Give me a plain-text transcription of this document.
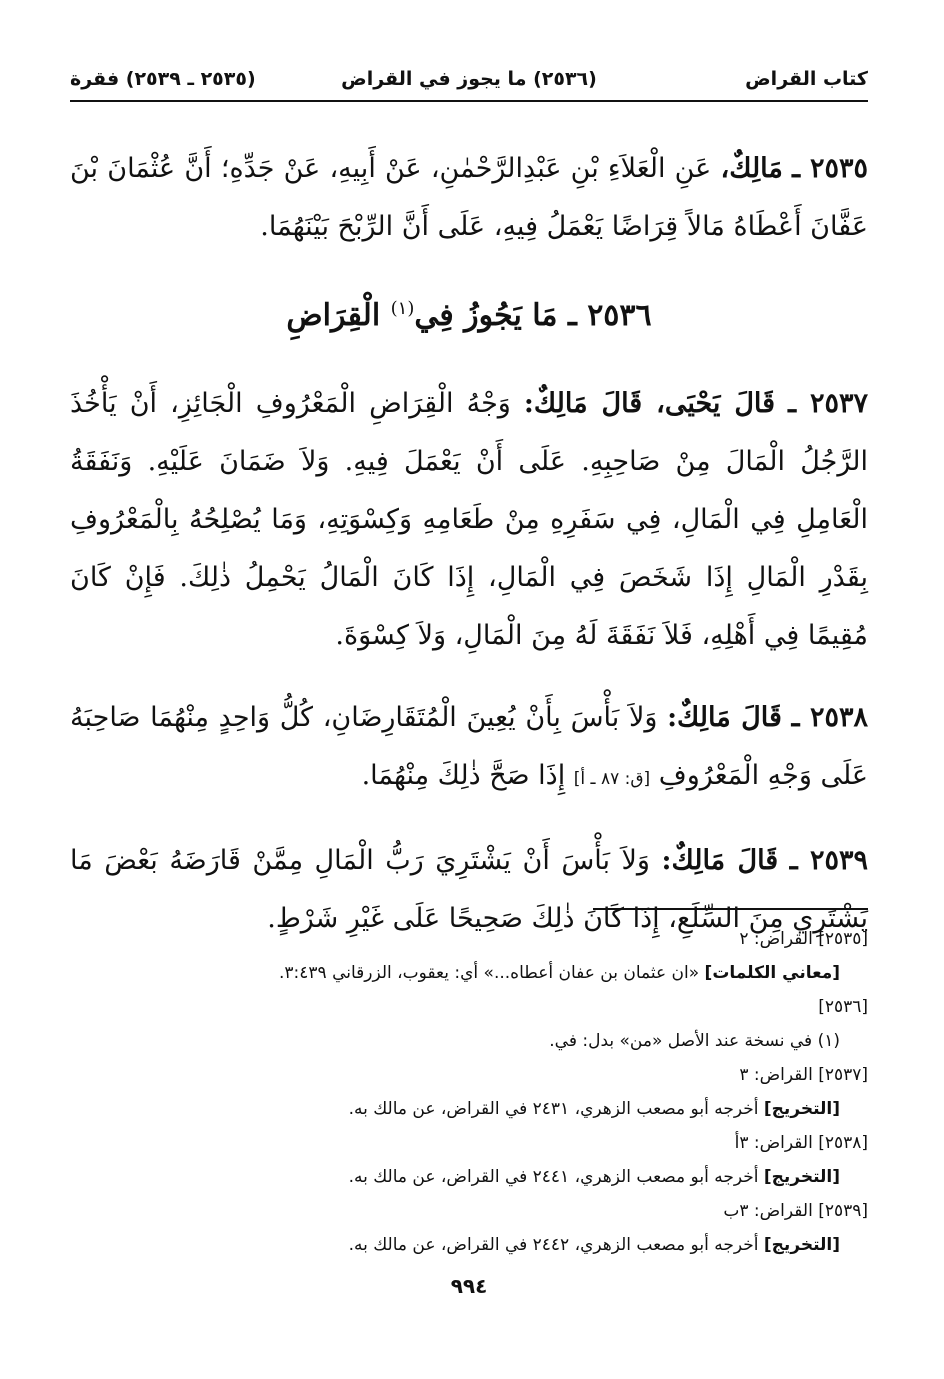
كتاب القراض
(٢٥٣٦) ما يجوز في القراض
(٢٥٣٥ ـ ٢٥٣٩) فقرة

٢٥٣٥ ـ مَالِكٌ، عَنِ الْعَلاَءِ بْنِ عَبْدِالرَّحْمٰنِ، عَنْ أَبِيهِ، عَنْ جَدِّهِ؛ أَنَّ عُثْمَانَ بْنَ عَفَّانَ أَعْطَاهُ مَالاً قِرَاضًا يَعْمَلُ فِيهِ، عَلَى أَنَّ الرِّبْحَ بَيْنَهُمَا.

٢٥٣٦ ـ مَا يَجُوزُ فِي$^{(١)}$ الْقِرَاضِ

٢٥٣٧ ـ قَالَ يَحْيَى، قَالَ مَالِكٌ: وَجْهُ الْقِرَاضِ الْمَعْرُوفِ الْجَائِزِ، أَنْ يَأْخُذَ الرَّجُلُ الْمَالَ مِنْ صَاحِبِهِ. عَلَى أَنْ يَعْمَلَ فِيهِ. وَلاَ ضَمَانَ عَلَيْهِ. وَنَفَقَةُ الْعَامِلِ فِي الْمَالِ، فِي سَفَرِهِ مِنْ طَعَامِهِ وَكِسْوَتِهِ، وَمَا يُصْلِحُهُ بِالْمَعْرُوفِ بِقَدْرِ الْمَالِ إِذَا شَخَصَ فِي الْمَالِ، إِذَا كَانَ الْمَالُ يَحْمِلُ ذٰلِكَ. فَإِنْ كَانَ مُقِيمًا فِي أَهْلِهِ، فَلاَ نَفَقَةَ لَهُ مِنَ الْمَالِ، وَلاَ كِسْوَةَ.

٢٥٣٨ ـ قَالَ مَالِكٌ: وَلاَ بَأْسَ بِأَنْ يُعِينَ الْمُتَقَارِضَانِ، كُلُّ وَاحِدٍ مِنْهُمَا صَاحِبَهُ عَلَى وَجْهِ الْمَعْرُوفِ [ق: ٨٧ ـ أ] إِذَا صَحَّ ذٰلِكَ مِنْهُمَا.

٢٥٣٩ ـ قَالَ مَالِكٌ: وَلاَ بَأْسَ أَنْ يَشْتَرِيَ رَبُّ الْمَالِ مِمَّنْ قَارَضَهُ بَعْضَ مَا يَشْتَرِي مِنَ السِّلَعِ، إِذَا كَانَ ذٰلِكَ صَحِيحًا عَلَى غَيْرِ شَرْطٍ.

[٢٥٣٥] القراض: ٢
[معاني الكلمات] «ان عثمان بن عفان أعطاه...» أي: يعقوب، الزرقاني ٣:٤٣٩.
[٢٥٣٦]
(١) في نسخة عند الأصل «من» بدل: في.
[٢٥٣٧] القراض: ٣
[التخريج] أخرجه أبو مصعب الزهري، ٢٤٣١ في القراض، عن مالك به.
[٢٥٣٨] القراض: ٣أ
[التخريج] أخرجه أبو مصعب الزهري، ٢٤٤١ في القراض، عن مالك به.
[٢٥٣٩] القراض: ٣ب
[التخريج] أخرجه أبو مصعب الزهري، ٢٤٤٢ في القراض، عن مالك به.
٩٩٤
